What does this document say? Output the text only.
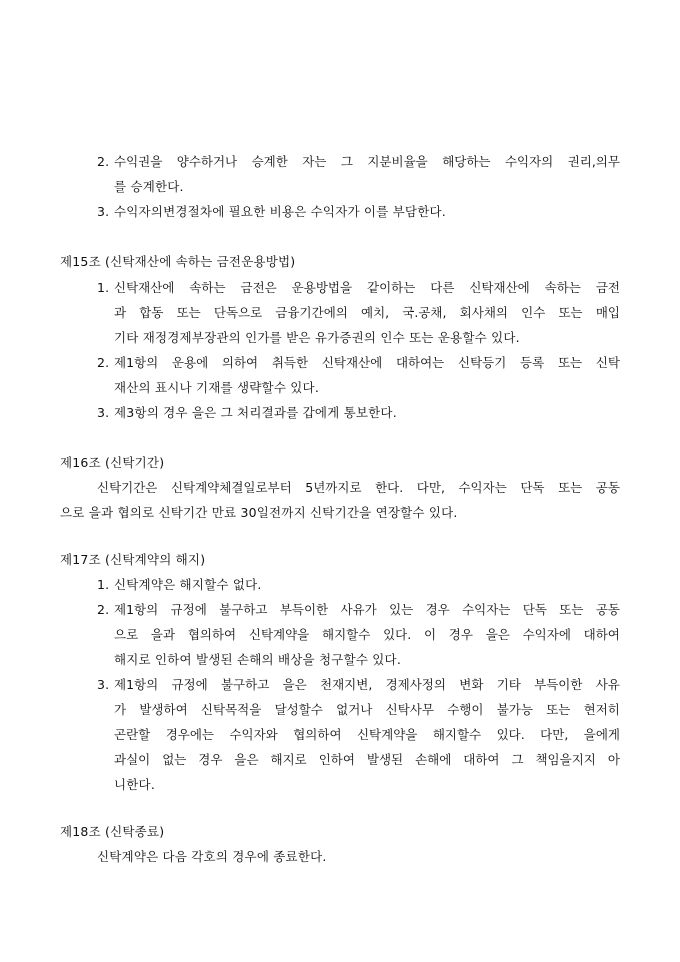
2. 수익권을 양수하거나 승계한 자는 그 지분비율을 해당하는 수익자의 권리,의무
를 승계한다.
3. 수익자의변경절차에 필요한 비용은 수익자가 이를 부담한다.
제15조 (신탁재산에 속하는 금전운용방법)
1. 신탁재산에 속하는 금전은 운용방법을 같이하는 다른 신탁재산에 속하는 금전
과 합동 또는 단독으로 금융기간에의 예치, 국.공채, 회사채의 인수 또는 매입
기타 재정경제부장관의 인가를 받은 유가증권의 인수 또는 운용할수 있다.
2. 제1항의 운용에 의하여 취득한 신탁재산에 대하여는 신탁등기 등록 또는 신탁
재산의 표시나 기재를 생략할수 있다.
3. 제3항의 경우 을은 그 처리결과를 갑에게 통보한다.
제16조 (신탁기간)
신탁기간은 신탁계약체결일로부터 5년까지로 한다. 다만, 수익자는 단독 또는 공동
으로 을과 협의로 신탁기간 만료 30일전까지 신탁기간을 연장할수 있다.
제17조 (신탁계약의 해지)
1. 신탁계약은 해지할수 없다.
2. 제1항의 규정에 불구하고 부득이한 사유가 있는 경우 수익자는 단독 또는 공동
으로 을과 협의하여 신탁계약을 해지할수 있다. 이 경우 을은 수익자에 대하여
해지로 인하여 발생된 손해의 배상을 청구할수 있다.
3. 제1항의 규정에 불구하고 을은 천재지변, 경제사정의 변화 기타 부득이한 사유
가 발생하여 신탁목적을 달성할수 없거나 신탁사무 수행이 불가능 또는 현저히
곤란할 경우에는 수익자와 협의하여 신탁계약을 해지할수 있다. 다만, 을에게
과실이 없는 경우 을은 해지로 인하여 발생된 손해에 대하여 그 책임을지지 아
니한다.
제18조 (신탁종료)
신탁계약은 다음 각호의 경우에 종료한다.
